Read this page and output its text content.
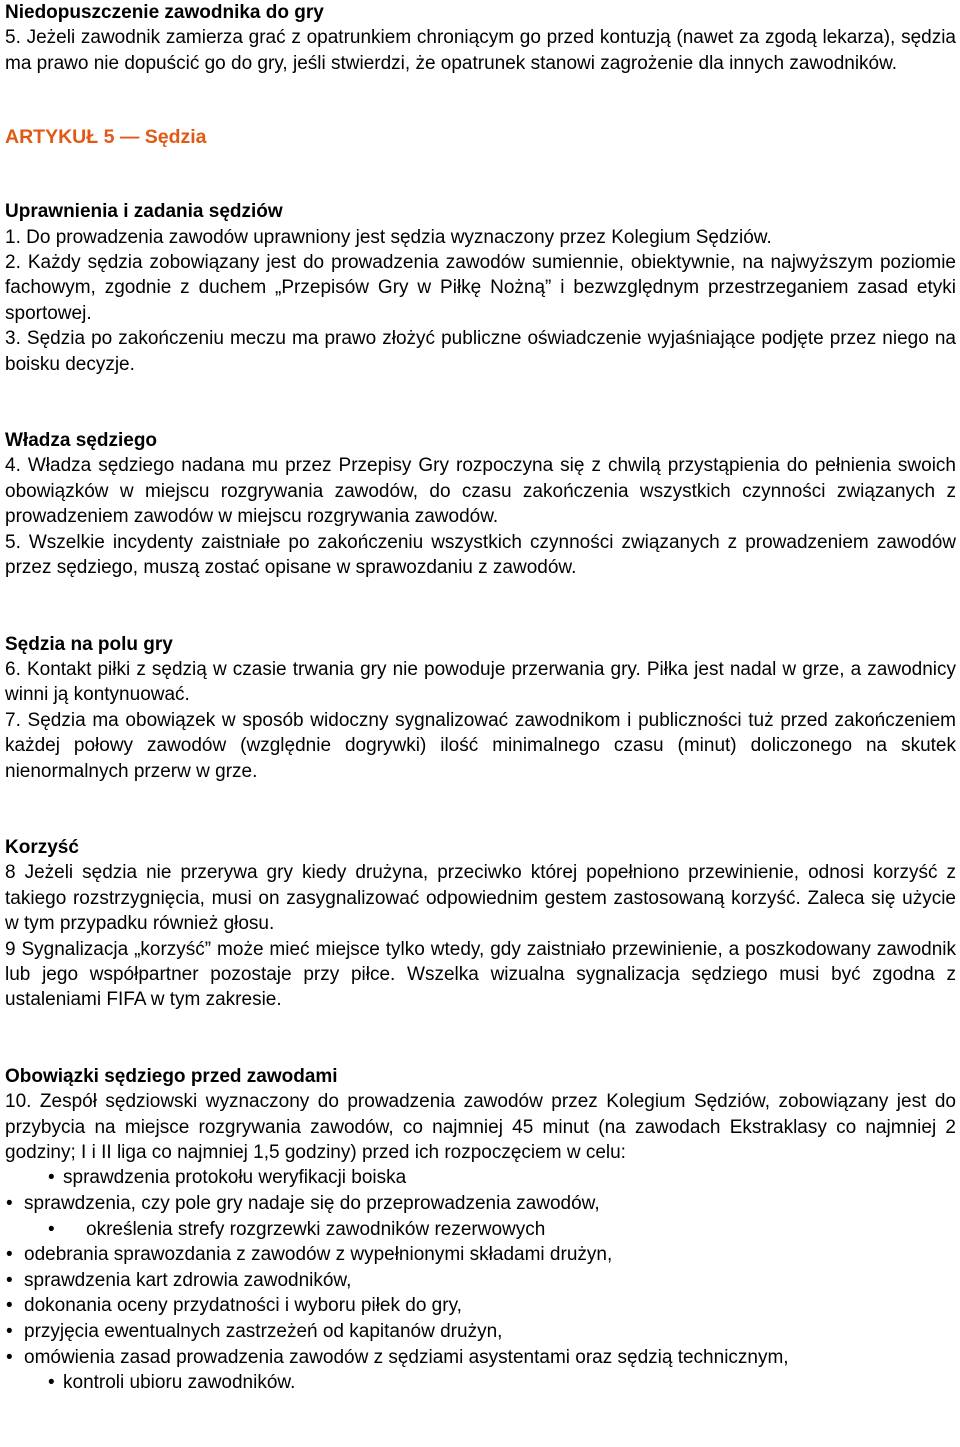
Niedopuszczenie zawodnika do gry

5. Jeżeli zawodnik zamierza grać z opatrunkiem chroniącym go przed kontuzją (nawet za zgodą lekarza), sędzia ma prawo nie dopuścić go do gry, jeśli stwierdzi, że opatrunek stanowi zagrożenie dla innych zawodników.

ARTYKUŁ 5 — Sędzia
Uprawnienia i zadania sędziów

1. Do prowadzenia zawodów uprawniony jest sędzia wyznaczony przez Kolegium Sędziów.

2. Każdy sędzia zobowiązany jest do prowadzenia zawodów sumiennie, obiektywnie, na najwyższym poziomie fachowym, zgodnie z duchem „Przepisów Gry w Piłkę Nożną” i bezwzględnym przestrzeganiem zasad etyki sportowej.

3. Sędzia po zakończeniu meczu ma prawo złożyć publiczne oświadczenie wyjaśniające podjęte przez niego na boisku decyzje.

Władza sędziego

4. Władza sędziego nadana mu przez Przepisy Gry rozpoczyna się z chwilą przystąpienia do pełnienia swoich obowiązków w miejscu rozgrywania zawodów, do czasu zakończenia wszystkich czynności związanych z prowadzeniem zawodów w miejscu rozgrywania zawodów.

5. Wszelkie incydenty zaistniałe po zakończeniu wszystkich czynności związanych z prowadzeniem zawodów przez sędziego, muszą zostać opisane w sprawozdaniu z zawodów.

Sędzia na polu gry

6. Kontakt piłki z sędzią w czasie trwania gry nie powoduje przerwania gry. Piłka jest nadal w grze, a zawodnicy winni ją kontynuować.

7. Sędzia ma obowiązek w sposób widoczny sygnalizować zawodnikom i publiczności tuż przed zakończeniem każdej połowy zawodów (względnie dogrywki) ilość minimalnego czasu (minut) doliczonego na skutek nienormalnych przerw w grze.

Korzyść

8 Jeżeli sędzia nie przerywa gry kiedy drużyna, przeciwko której popełniono przewinienie, odnosi korzyść z takiego rozstrzygnięcia, musi on zasygnalizować odpowiednim gestem zastosowaną korzyść. Zaleca się użycie w tym przypadku również głosu.

9 Sygnalizacja „korzyść” może mieć miejsce tylko wtedy, gdy zaistniało przewinienie, a poszkodowany zawodnik lub jego współpartner pozostaje przy piłce. Wszelka wizualna sygnalizacja sędziego musi być zgodna z ustaleniami FIFA w tym zakresie.

Obowiązki sędziego przed zawodami

10. Zespół sędziowski wyznaczony do prowadzenia zawodów przez Kolegium Sędziów, zobowiązany jest do przybycia na miejsce rozgrywania zawodów, co najmniej 45 minut (na zawodach Ekstraklasy co najmniej 2 godziny; I i II liga co najmniej 1,5 godziny) przed ich rozpoczęciem w celu:

• sprawdzenia protokołu weryfikacji boiska
• sprawdzenia, czy pole gry nadaje się do przeprowadzenia zawodów,
• określenia strefy rozgrzewki zawodników rezerwowych
• odebrania sprawozdania z zawodów z wypełnionymi składami drużyn,
• sprawdzenia kart zdrowia zawodników,
• dokonania oceny przydatności i wyboru piłek do gry,
• przyjęcia ewentualnych zastrzeżeń od kapitanów drużyn,
• omówienia zasad prowadzenia zawodów z sędziami asystentami oraz sędzią technicznym,
• kontroli ubioru zawodników.
